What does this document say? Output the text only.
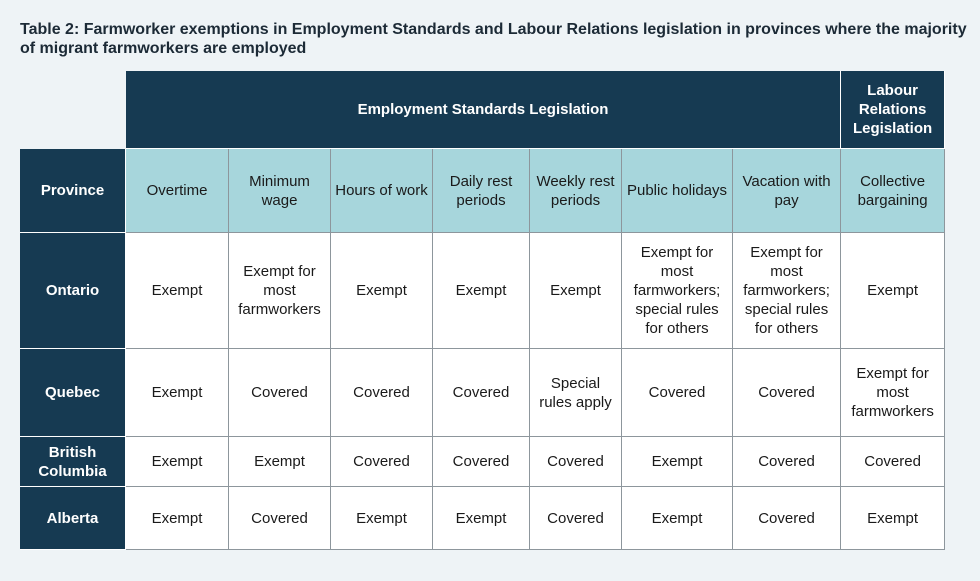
Table 2: Farmworker exemptions in Employment Standards and Labour Relations legislation in provinces where the majority of migrant farmworkers are employed
	Employment Standards Legislation							Labour Relations Legislation
Province	Overtime	Minimum wage	Hours of work	Daily rest periods	Weekly rest periods	Public holidays	Vacation with pay	Collective bargaining
Ontario	Exempt	Exempt for most farmworkers	Exempt	Exempt	Exempt	Exempt for most farmworkers; special rules for others	Exempt for most farmworkers; special rules for others	Exempt
Quebec	Exempt	Covered	Covered	Covered	Special rules apply	Covered	Covered	Exempt for most farmworkers
British Columbia	Exempt	Exempt	Covered	Covered	Covered	Exempt	Covered	Covered
Alberta	Exempt	Covered	Exempt	Exempt	Covered	Exempt	Covered	Exempt
